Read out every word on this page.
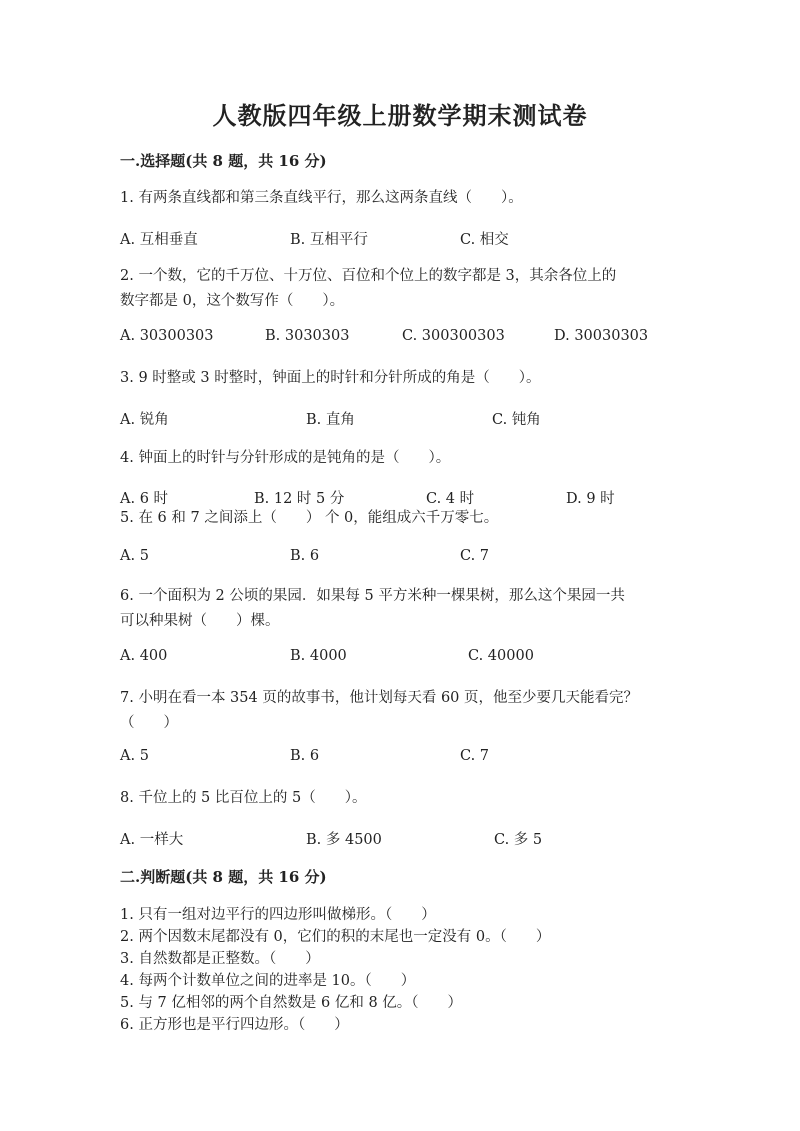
人教版四年级上册数学期末测试卷
一.选择题(共 8 题，共 16 分)
1. 有两条直线都和第三条直线平行，那么这两条直线（　　）。
A. 互相垂直	B. 互相平行	C. 相交
2. 一个数，它的千万位、十万位、百位和个位上的数字都是 3，其余各位上的
数字都是 0，这个数写作（　　）。
A. 30300303	B. 3030303	C. 300300303	D. 30030303
3. 9 时整或 3 时整时，钟面上的时针和分针所成的角是（　　）。
A. 锐角	B. 直角	C. 钝角
4. 钟面上的时针与分针形成的是钝角的是（　　）。
A. 6 时	B. 12 时 5 分	C. 4 时	D. 9 时
5. 在 6 和 7 之间添上（　　） 个 0，能组成六千万零七。
A. 5	B. 6	C. 7
6. 一个面积为 2 公顷的果园．如果每 5 平方米种一棵果树，那么这个果园一共
可以种果树（　　）棵。
A. 400	B. 4000	C. 40000
7. 小明在看一本 354 页的故事书，他计划每天看 60 页，他至少要几天能看完？
（　　）
A. 5	B. 6	C. 7
8. 千位上的 5 比百位上的 5（　　）。
A. 一样大	B. 多 4500	C. 多 5
二.判断题(共 8 题，共 16 分)
1. 只有一组对边平行的四边形叫做梯形。（　　）
2. 两个因数末尾都没有 0，它们的积的末尾也一定没有 0。（　　）
3. 自然数都是正整数。（　　）
4. 每两个计数单位之间的进率是 10。（　　）
5. 与 7 亿相邻的两个自然数是 6 亿和 8 亿。（　　）
6. 正方形也是平行四边形。（　　）
